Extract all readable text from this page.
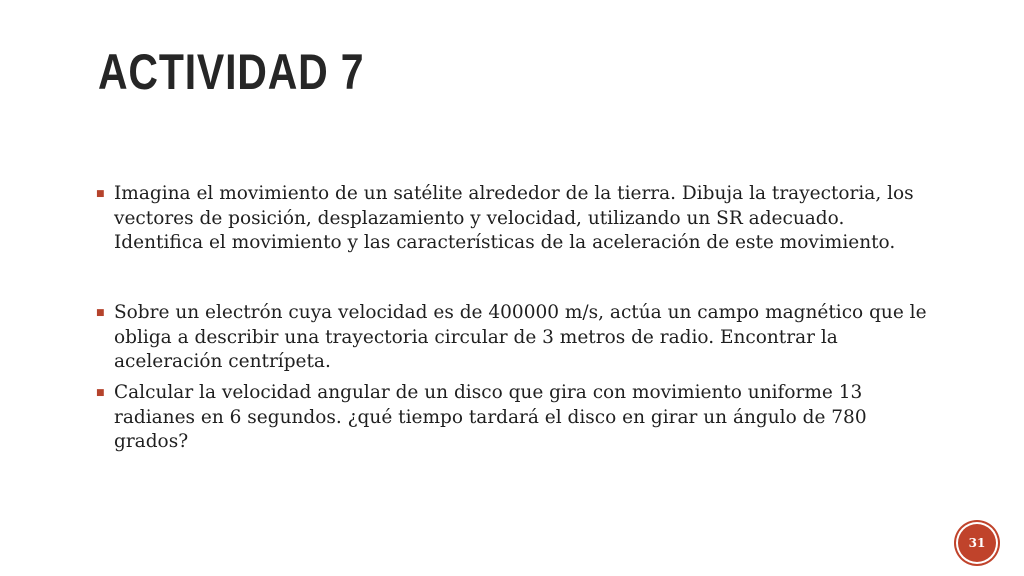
ACTIVIDAD 7
■ Imagina el movimiento de un satélite alrededor de la tierra. Dibuja la trayectoria, los vectores de posición, desplazamiento y velocidad, utilizando un SR adecuado. Identifica el movimiento y las características de la aceleración de este movimiento.
■ Sobre un electrón cuya velocidad es de 400000 m/s, actúa un campo magnético que le obliga a describir una trayectoria circular de 3 metros de radio. Encontrar la aceleración centrípeta.
■ Calcular la velocidad angular de un disco que gira con movimiento uniforme 13 radianes en 6 segundos. ¿qué tiempo tardará el disco en girar un ángulo de 780 grados?
31
